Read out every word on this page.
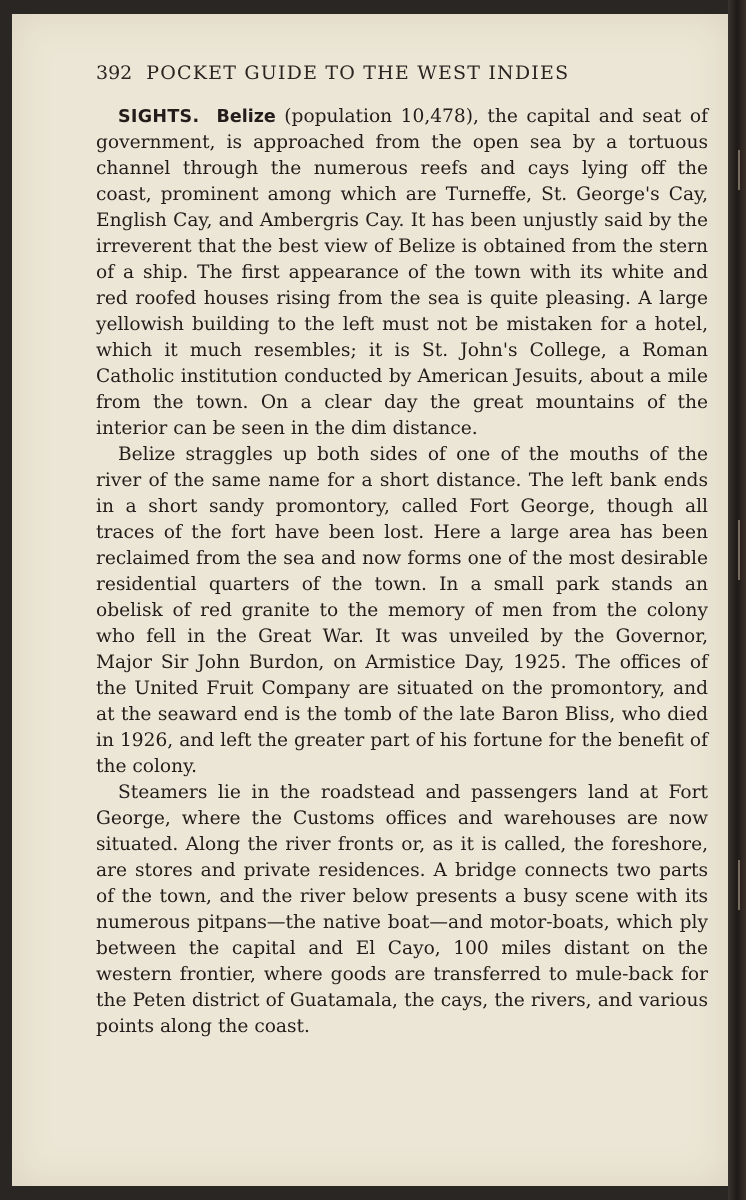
392 POCKET GUIDE TO THE WEST INDIES

SIGHTS. Belize (population 10,478), the capital and seat of government, is approached from the open sea by a tortuous channel through the numerous reefs and cays lying off the coast, prominent among which are Turneffe, St. George's Cay, English Cay, and Ambergris Cay. It has been unjustly said by the irreverent that the best view of Belize is obtained from the stern of a ship. The first appearance of the town with its white and red roofed houses rising from the sea is quite pleasing. A large yellowish building to the left must not be mistaken for a hotel, which it much resembles; it is St. John's College, a Roman Catholic institution conducted by American Jesuits, about a mile from the town. On a clear day the great mountains of the interior can be seen in the dim distance.

Belize straggles up both sides of one of the mouths of the river of the same name for a short distance. The left bank ends in a short sandy promontory, called Fort George, though all traces of the fort have been lost. Here a large area has been reclaimed from the sea and now forms one of the most desirable residential quarters of the town. In a small park stands an obelisk of red granite to the memory of men from the colony who fell in the Great War. It was unveiled by the Governor, Major Sir John Burdon, on Armistice Day, 1925. The offices of the United Fruit Company are situated on the promontory, and at the seaward end is the tomb of the late Baron Bliss, who died in 1926, and left the greater part of his fortune for the benefit of the colony.

Steamers lie in the roadstead and passengers land at Fort George, where the Customs offices and warehouses are now situated. Along the river fronts or, as it is called, the foreshore, are stores and private residences. A bridge connects two parts of the town, and the river below presents a busy scene with its numerous pitpans—the native boat—and motor-boats, which ply between the capital and El Cayo, 100 miles distant on the western frontier, where goods are transferred to mule-back for the Peten district of Guatamala, the cays, the rivers, and various points along the coast.
